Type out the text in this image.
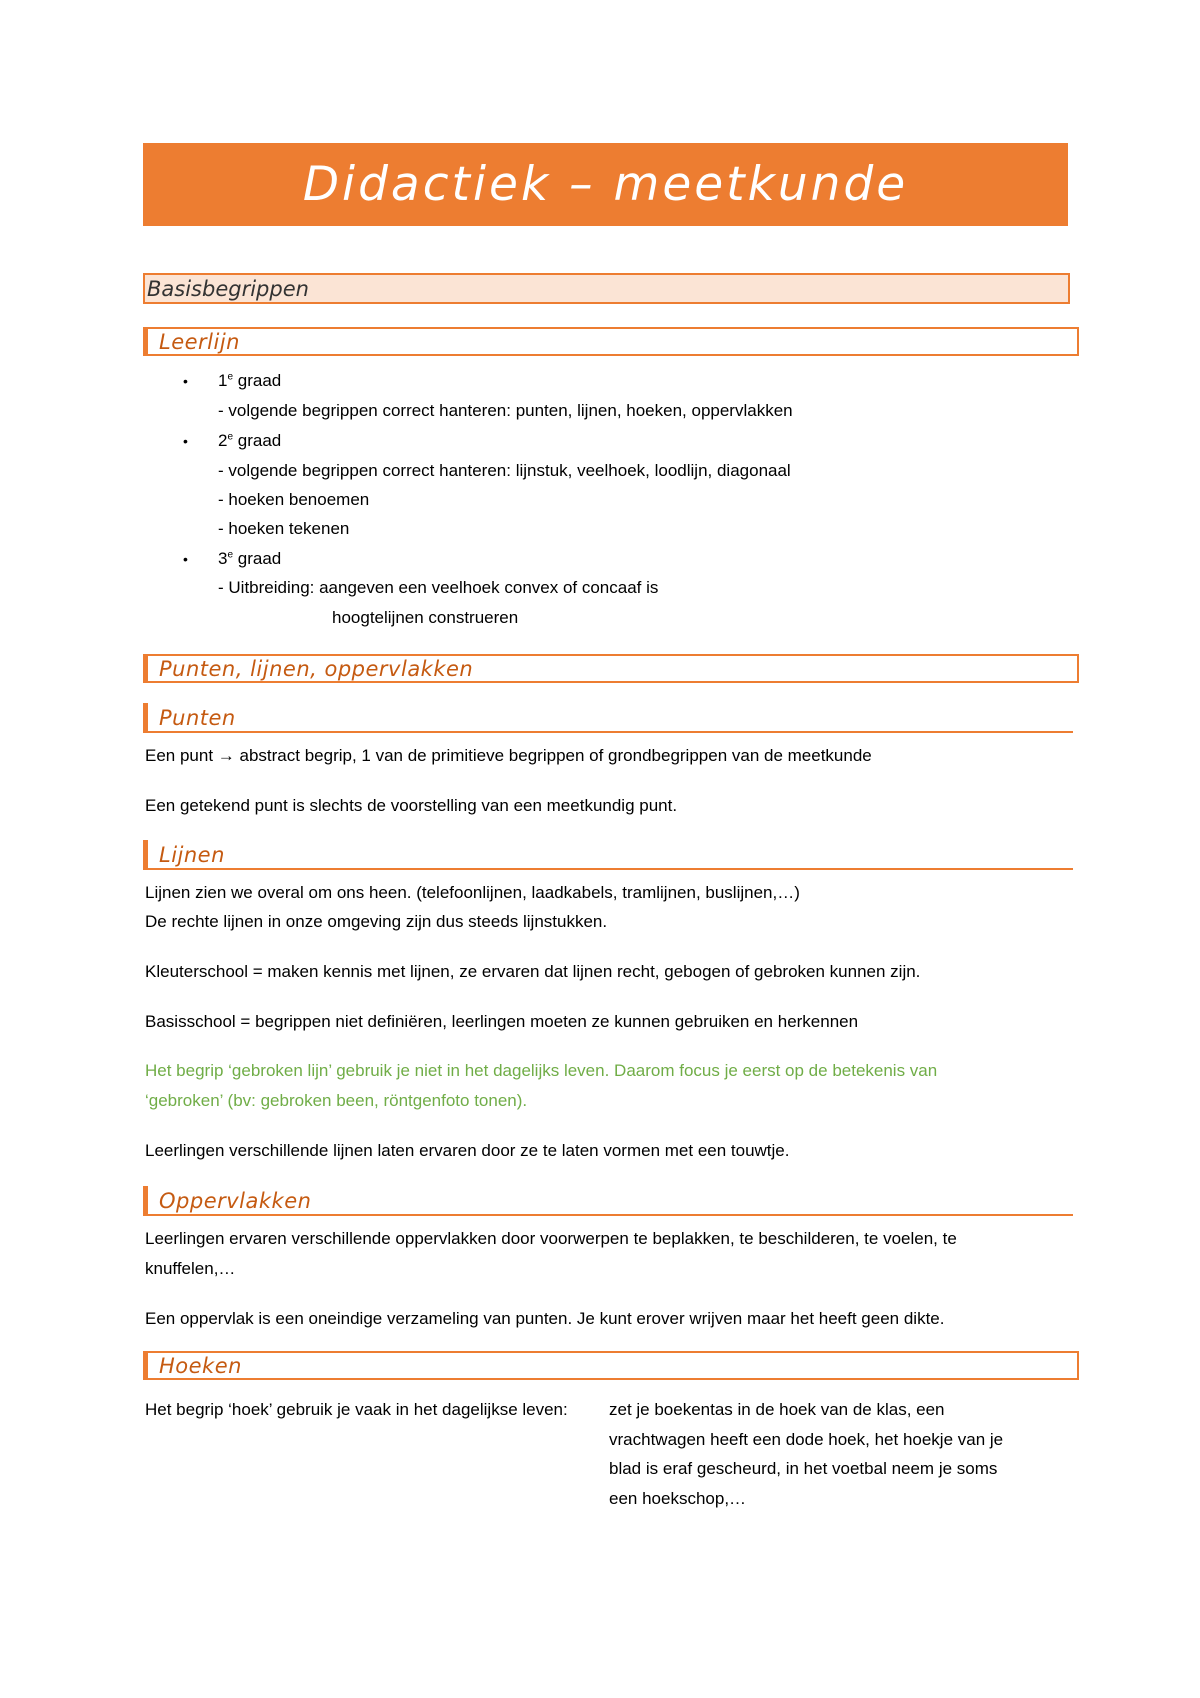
Didactiek – meetkunde
Basisbegrippen
Leerlijn
• 1e graad
- volgende begrippen correct hanteren: punten, lijnen, hoeken, oppervlakken
• 2e graad
- volgende begrippen correct hanteren: lijnstuk, veelhoek, loodlijn, diagonaal
- hoeken benoemen
- hoeken tekenen
• 3e graad
- Uitbreiding: aangeven een veelhoek convex of concaaf is
hoogtelijnen construeren
Punten, lijnen, oppervlakken
Punten
Een punt → abstract begrip, 1 van de primitieve begrippen of grondbegrippen van de meetkunde
Een getekend punt is slechts de voorstelling van een meetkundig punt.
Lijnen
Lijnen zien we overal om ons heen. (telefoonlijnen, laadkabels, tramlijnen, buslijnen,…)
De rechte lijnen in onze omgeving zijn dus steeds lijnstukken.
Kleuterschool = maken kennis met lijnen, ze ervaren dat lijnen recht, gebogen of gebroken kunnen zijn.
Basisschool = begrippen niet definiëren, leerlingen moeten ze kunnen gebruiken en herkennen
Het begrip ‘gebroken lijn’ gebruik je niet in het dagelijks leven. Daarom focus je eerst op de betekenis van
‘gebroken’ (bv: gebroken been, röntgenfoto tonen).
Leerlingen verschillende lijnen laten ervaren door ze te laten vormen met een touwtje.
Oppervlakken
Leerlingen ervaren verschillende oppervlakken door voorwerpen te beplakken, te beschilderen, te voelen, te
knuffelen,…
Een oppervlak is een oneindige verzameling van punten. Je kunt erover wrijven maar het heeft geen dikte.
Hoeken
Het begrip ‘hoek’ gebruik je vaak in het dagelijkse leven: zet je boekentas in de hoek van de klas, een
vrachtwagen heeft een dode hoek, het hoekje van je
blad is eraf gescheurd, in het voetbal neem je soms
een hoekschop,…
